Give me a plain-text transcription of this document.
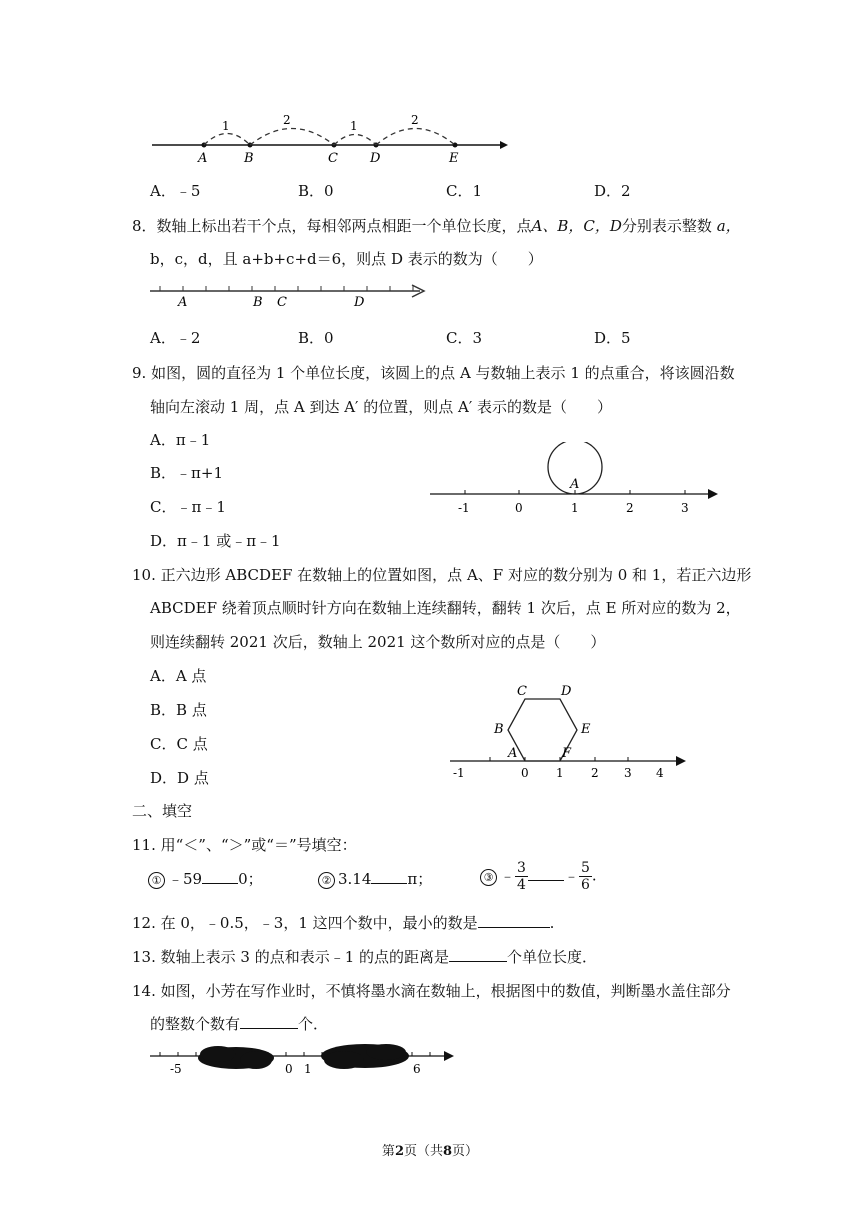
A	B	C D	E
1	2	1	2
A．﹣5	B．0	C．1	D．2
8．数轴上标出若干个点，每相邻两点相距一个单位长度，点A、B，C，D分别表示整数 a，
b，c，d，且 a+b+c+d＝6，则点 D 表示的数为（　　）
A	B C	D
A．﹣2	B．0	C．3	D．5
9. 如图，圆的直径为 1 个单位长度，该圆上的点 A 与数轴上表示 1 的点重合，将该圆沿数
轴向左滚动 1 周，点 A 到达 A′ 的位置，则点 A′ 表示的数是（　　）
A．π﹣1
B．﹣π+1
C．﹣π﹣1
D．π﹣1 或﹣π﹣1
A
-1	0	1	2	3
10. 正六边形 ABCDEF 在数轴上的位置如图，点 A、F 对应的数分别为 0 和 1，若正六边形
ABCDEF 绕着顶点顺时针方向在数轴上连续翻转，翻转 1 次后，点 E 所对应的数为 2，
则连续翻转 2021 次后，数轴上 2021 这个数所对应的点是（　　）
A．A 点
B．B 点
C．C 点
D．D 点
A
B
C	D
E
F
-1	0 1 2 3 4
二、填空
11. 用“＜”、“＞”或“＝”号填空：
① ﹣59 0；	② 3.14 π；	③ ﹣ $\frac{3}{4}$ ﹣ $\frac{5}{6}$ .
12. 在 0，﹣0.5，﹣3，1 这四个数中，最小的数是	.
13. 数轴上表示 3 的点和表示﹣1 的点的距离是	个单位长度．
14. 如图，小芳在写作业时，不慎将墨水滴在数轴上，根据图中的数值，判断墨水盖住部分
的整数个数有	个．
-5	0 1	6
第2页（共8页）
